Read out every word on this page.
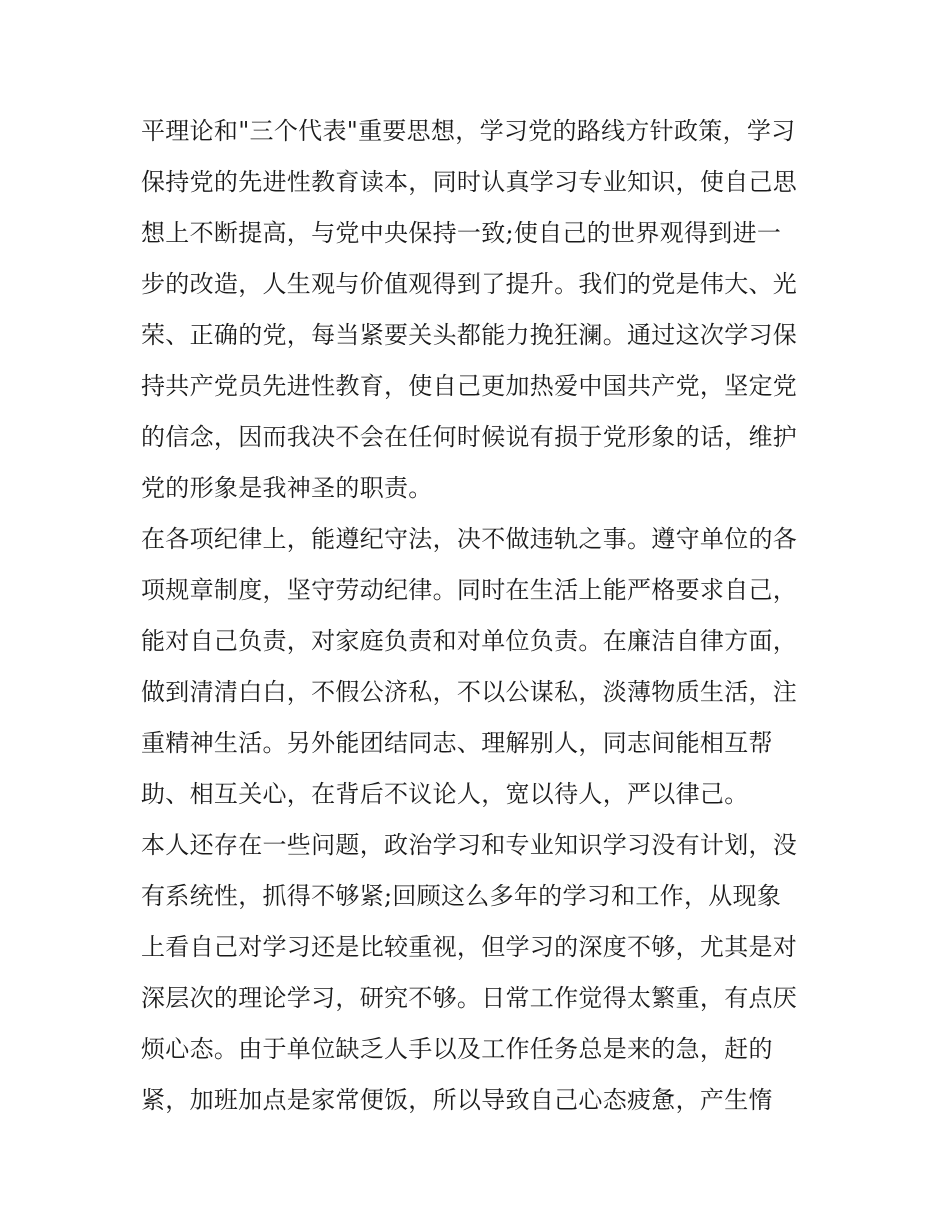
平理论和"三个代表"重要思想，学习党的路线方针政策，学习
保持党的先进性教育读本，同时认真学习专业知识，使自己思
想上不断提高，与党中央保持一致;使自己的世界观得到进一
步的改造，人生观与价值观得到了提升。我们的党是伟大、光
荣、正确的党，每当紧要关头都能力挽狂澜。通过这次学习保
持共产党员先进性教育，使自己更加热爱中国共产党，坚定党
的信念，因而我决不会在任何时候说有损于党形象的话，维护
党的形象是我神圣的职责。
在各项纪律上，能遵纪守法，决不做违轨之事。遵守单位的各
项规章制度，坚守劳动纪律。同时在生活上能严格要求自己，
能对自己负责，对家庭负责和对单位负责。在廉洁自律方面，
做到清清白白，不假公济私，不以公谋私，淡薄物质生活，注
重精神生活。另外能团结同志、理解别人，同志间能相互帮
助、相互关心，在背后不议论人，宽以待人，严以律己。
本人还存在一些问题，政治学习和专业知识学习没有计划，没
有系统性，抓得不够紧;回顾这么多年的学习和工作，从现象
上看自己对学习还是比较重视，但学习的深度不够，尤其是对
深层次的理论学习，研究不够。日常工作觉得太繁重，有点厌
烦心态。由于单位缺乏人手以及工作任务总是来的急，赶的
紧，加班加点是家常便饭，所以导致自己心态疲惫，产生惰
